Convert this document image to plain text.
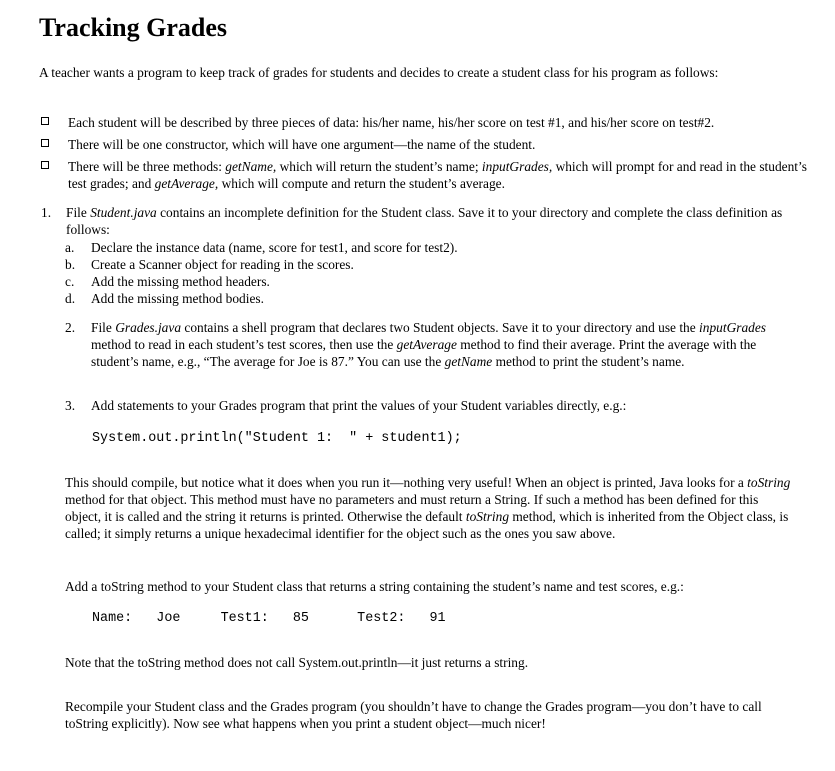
Tracking Grades

A teacher wants a program to keep track of grades for students and decides to create a student class for his program as follows:

Each student will be described by three pieces of data: his/her name, his/her score on test #1, and his/her score on test#2.
There will be one constructor, which will have one argument—the name of the student.
There will be three methods: getName, which will return the student’s name; inputGrades, which will prompt for and read in the student’s test grades; and getAverage, which will compute and return the student’s average.
1. File Student.java contains an incomplete definition for the Student class. Save it to your directory and complete the class definition as follows:

a. Declare the instance data (name, score for test1, and score for test2).
b. Create a Scanner object for reading in the scores.
c. Add the missing method headers.
d. Add the missing method bodies.
2. File Grades.java contains a shell program that declares two Student objects. Save it to your directory and use the inputGrades method to read in each student’s test scores, then use the getAverage method to find their average. Print the average with the student’s name, e.g., “The average for Joe is 87.” You can use the getName method to print the student’s name.

3. Add statements to your Grades program that print the values of your Student variables directly, e.g.:

System.out.println("Student 1:  " + student1);

This should compile, but notice what it does when you run it—nothing very useful! When an object is printed, Java looks for a toString method for that object. This method must have no parameters and must return a String. If such a method has been defined for this object, it is called and the string it returns is printed. Otherwise the default toString method, which is inherited from the Object class, is called; it simply returns a unique hexadecimal identifier for the object such as the ones you saw above.

Add a toString method to your Student class that returns a string containing the student’s name and test scores, e.g.:

Name:   Joe     Test1:   85      Test2:   91

Note that the toString method does not call System.out.println—it just returns a string.

Recompile your Student class and the Grades program (you shouldn’t have to change the Grades program—you don’t have to call toString explicitly). Now see what happens when you print a student object—much nicer!
